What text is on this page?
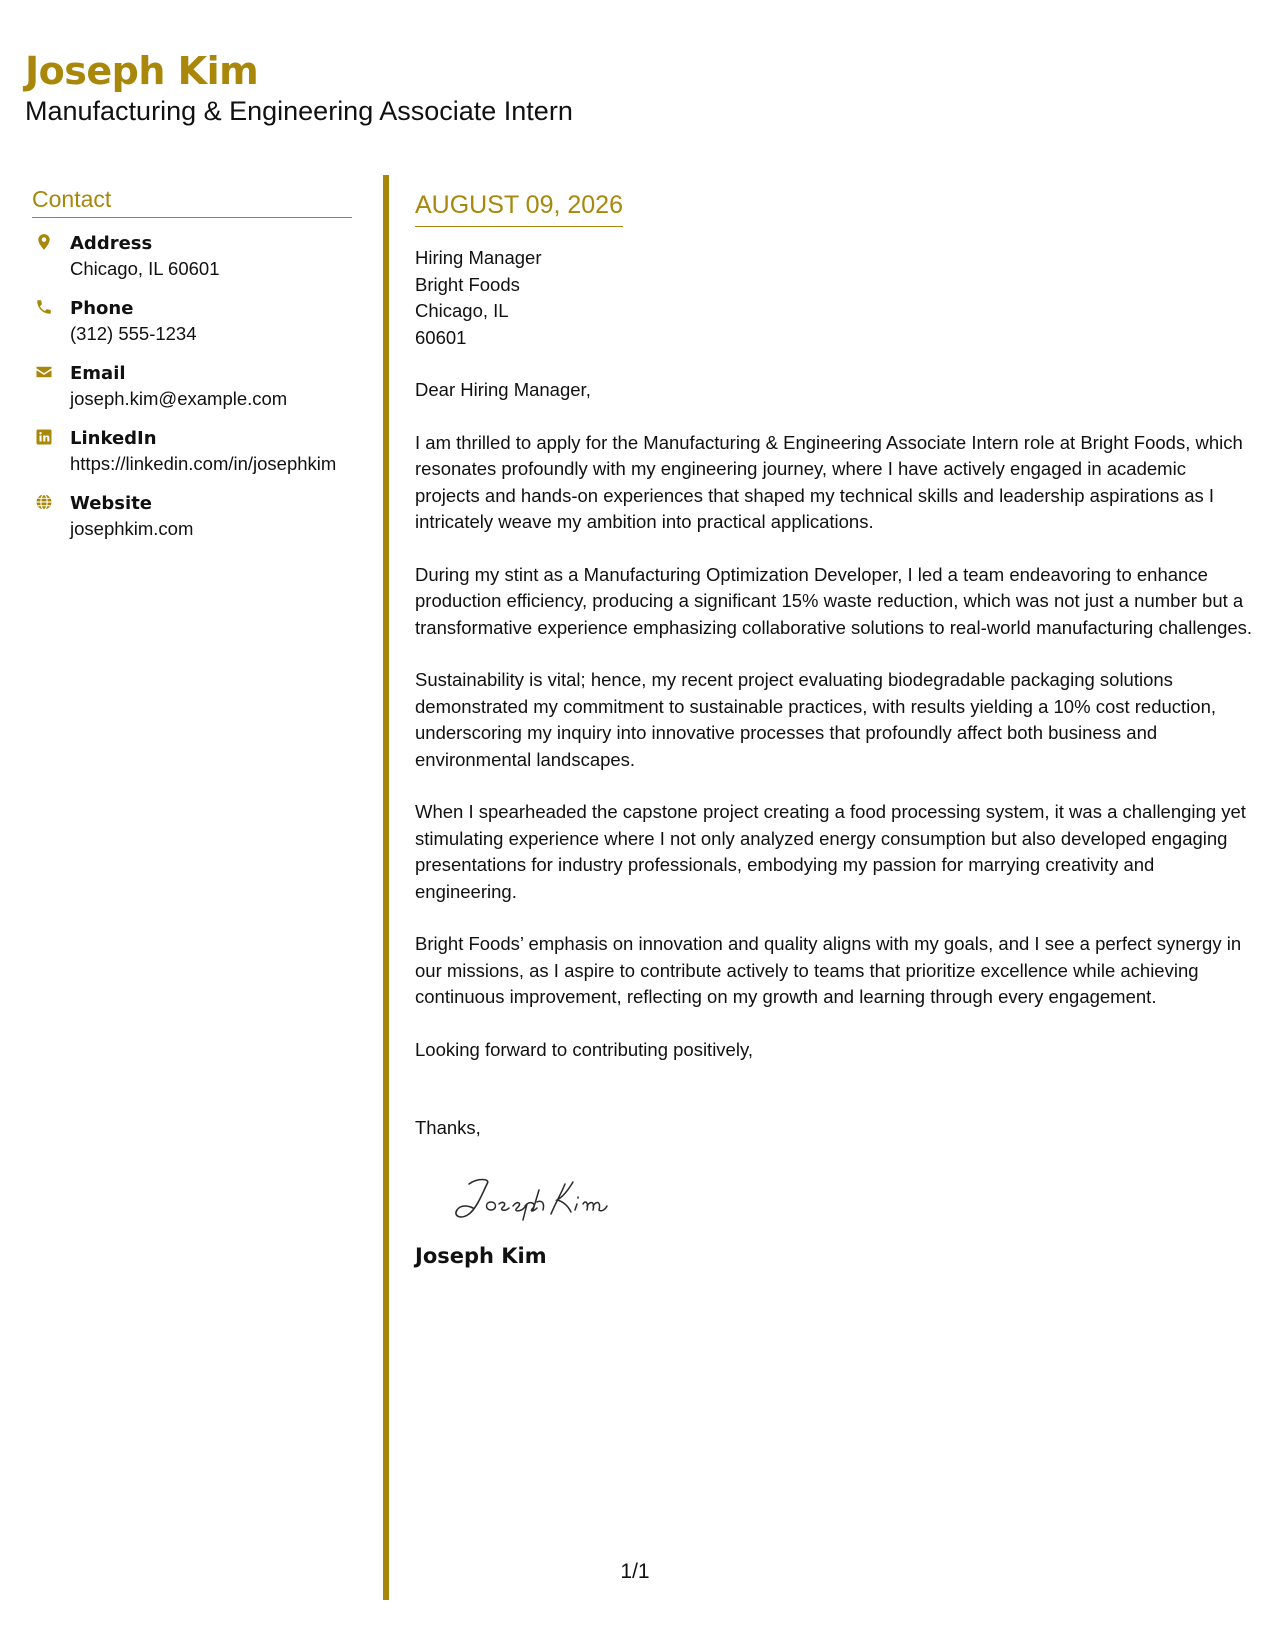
Joseph Kim
Manufacturing & Engineering Associate Intern
Contact
Address
Chicago, IL 60601
Phone
(312) 555-1234
Email
joseph.kim@example.com
LinkedIn
https://linkedin.com/in/josephkim
Website
josephkim.com
AUGUST 09, 2026
Hiring Manager
Bright Foods
Chicago, IL
60601
Dear Hiring Manager,
I am thrilled to apply for the Manufacturing & Engineering Associate Intern role at Bright Foods, which resonates profoundly with my engineering journey, where I have actively engaged in academic projects and hands-on experiences that shaped my technical skills and leadership aspirations as I intricately weave my ambition into practical applications.
During my stint as a Manufacturing Optimization Developer, I led a team endeavoring to enhance production efficiency, producing a significant 15% waste reduction, which was not just a number but a transformative experience emphasizing collaborative solutions to real-world manufacturing challenges.
Sustainability is vital; hence, my recent project evaluating biodegradable packaging solutions demonstrated my commitment to sustainable practices, with results yielding a 10% cost reduction, underscoring my inquiry into innovative processes that profoundly affect both business and environmental landscapes.
When I spearheaded the capstone project creating a food processing system, it was a challenging yet stimulating experience where I not only analyzed energy consumption but also developed engaging presentations for industry professionals, embodying my passion for marrying creativity and engineering.
Bright Foods’ emphasis on innovation and quality aligns with my goals, and I see a perfect synergy in our missions, as I aspire to contribute actively to teams that prioritize excellence while achieving continuous improvement, reflecting on my growth and learning through every engagement.
Looking forward to contributing positively,
Thanks,
Joseph Kim
1/1
